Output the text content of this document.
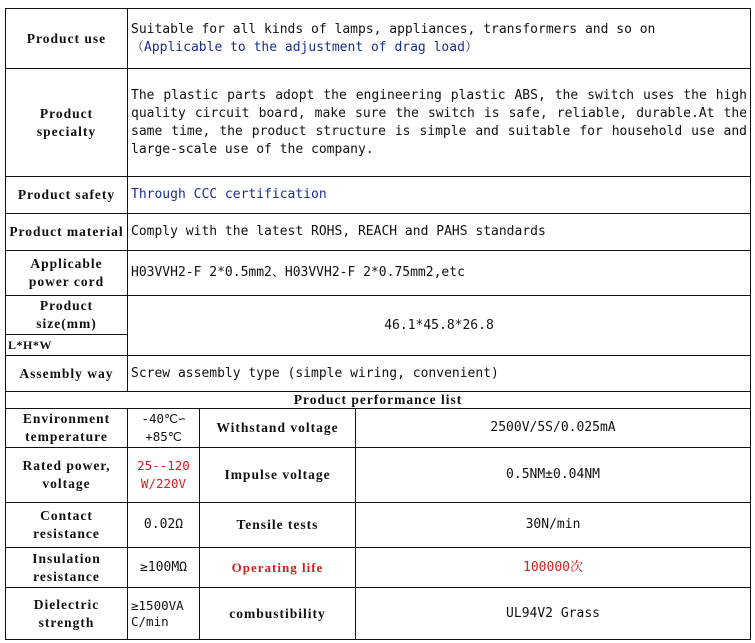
Product use	Suitable for all kinds of lamps, appliances, transformers and so on
（Applicable to the adjustment of drag load）		

Product specialty	The plastic parts adopt the engineering plastic ABS, the switch uses the high quality circuit board, make sure the switch is safe, reliable, durable.At the same time, the product structure is simple and suitable for household use and large-scale use of the company.		
Product safety	Through CCC certification		
Product material	Comply with the latest ROHS, REACH and PAHS standards		
Applicable power cord	H03VVH2-F 2*0.5mm2、H03VVH2-F 2*0.75mm2,etc		
Product size(mm)	46.1*45.8*26.8		
L*H*W			
Assembly way	Screw assembly type (simple wiring, convenient)		
Product performance list			
Environment temperature	-40℃∽ +85℃	Withstand voltage	2500V/5S/0.025mA
Rated power, voltage	25--120W/220V	Impulse voltage	0.5NM±0.04NM
Contact resistance	0.02Ω	Tensile tests	30N/min
Insulation resistance	≥100MΩ	Operating life	100000次
Dielectric strength	≥1500VAC/min	combustibility	UL94V2 Grass
